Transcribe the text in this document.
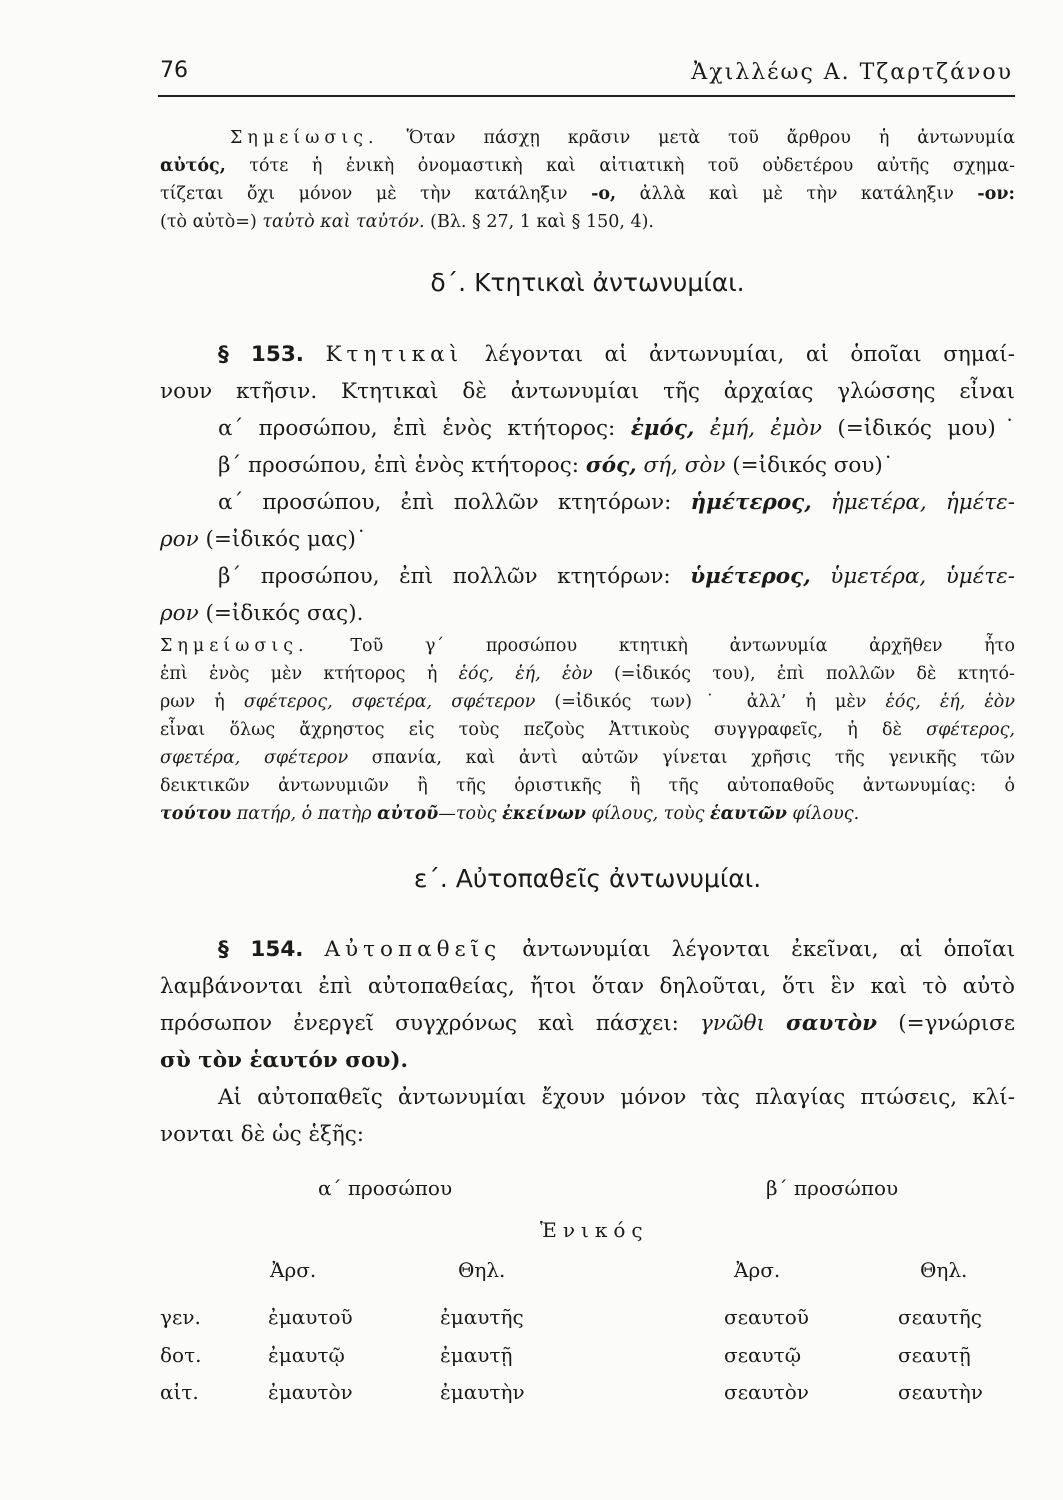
76	Ἀχιλλέως Α. Τζαρτζάνου
Σημείωσις. Ὅταν πάσχῃ κρᾶσιν μετὰ τοῦ ἄρθρου ἡ ἀντωνυμία
αὐτός, τότε ἡ ἑνικὴ ὀνομαστικὴ καὶ αἰτιατικὴ τοῦ οὐδετέρου αὐτῆς σχημα-
τίζεται ὄχι μόνον μὲ τὴν κατάληξιν -ο, ἀλλὰ καὶ μὲ τὴν κατάληξιν -ον:
(τὸ αὐτὸ=) ταὐτὸ καὶ ταὐτόν. (Βλ. § 27, 1 καὶ § 150, 4).
δ΄. Κτητικαὶ ἀντωνυμίαι.
§ 153. Κτητικαὶ λέγονται αἱ ἀντωνυμίαι, αἱ ὁποῖαι σημαί-
νουν κτῆσιν. Κτητικαὶ δὲ ἀντωνυμίαι τῆς ἀρχαίας γλώσσης εἶναι
α΄ προσώπου, ἐπὶ ἑνὸς κτήτορος: ἐμός, ἐμή, ἐμὸν (=ἰδικός μου)˙
β΄ προσώπου, ἐπὶ ἑνὸς κτήτορος: σός, σή, σὸν (=ἰδικός σου)˙
α΄ προσώπου, ἐπὶ πολλῶν κτητόρων: ἡμέτερος, ἡμετέρα, ἡμέτε-
ρον (=ἰδικός μας)˙
β΄ προσώπου, ἐπὶ πολλῶν κτητόρων: ὑμέτερος, ὑμετέρα, ὑμέτε-
ρον (=ἰδικός σας).
Σημείωσις. Τοῦ γ΄ προσώπου κτητικὴ ἀντωνυμία ἀρχῆθεν ἦτο
ἐπὶ ἑνὸς μὲν κτήτορος ἡ ἑός, ἑή, ἑὸν (=ἰδικός του), ἐπὶ πολλῶν δὲ κτητό-
ρων ἡ σφέτερος, σφετέρα, σφέτερον (=ἰδικός των)˙ ἀλλ’ ἡ μὲν ἑός, ἑή, ἑὸν
εἶναι ὅλως ἄχρηστος εἰς τοὺς πεζοὺς Ἀττικοὺς συγγραφεῖς, ἡ δὲ σφέτερος,
σφετέρα, σφέτερον σπανία, καὶ ἀντὶ αὐτῶν γίνεται χρῆσις τῆς γενικῆς τῶν
δεικτικῶν ἀντωνυμιῶν ἢ τῆς ὁριστικῆς ἢ τῆς αὐτοπαθοῦς ἀντωνυμίας: ὁ
τούτου πατήρ, ὁ πατὴρ αὐτοῦ—τοὺς ἐκείνων φίλους, τοὺς ἑαυτῶν φίλους.
ε΄. Αὐτοπαθεῖς ἀντωνυμίαι.
§ 154. Αὐτοπαθεῖς ἀντωνυμίαι λέγονται ἐκεῖναι, αἱ ὁποῖαι
λαμβάνονται ἐπὶ αὐτοπαθείας, ἤτοι ὅταν δηλοῦται, ὅτι ἓν καὶ τὸ αὐτὸ
πρόσωπον ἐνεργεῖ συγχρόνως καὶ πάσχει: γνῶθι σαυτὸν (=γνώρισε
σὺ τὸν ἑαυτόν σου).
Αἱ αὐτοπαθεῖς ἀντωνυμίαι ἔχουν μόνον τὰς πλαγίας πτώσεις, κλί-
νονται δὲ ὡς ἑξῆς:
α΄ προσώπου	β΄ προσώπου
Ἑνικός
Ἀρσ.	Θηλ.	Ἀρσ.	Θηλ.
γεν.	ἐμαυτοῦ	ἐμαυτῆς	σεαυτοῦ	σεαυτῆς
δοτ.	ἐμαυτῷ	ἐμαυτῇ	σεαυτῷ	σεαυτῇ
αἰτ.	ἐμαυτὸν	ἐμαυτὴν	σεαυτὸν	σεαυτὴν
